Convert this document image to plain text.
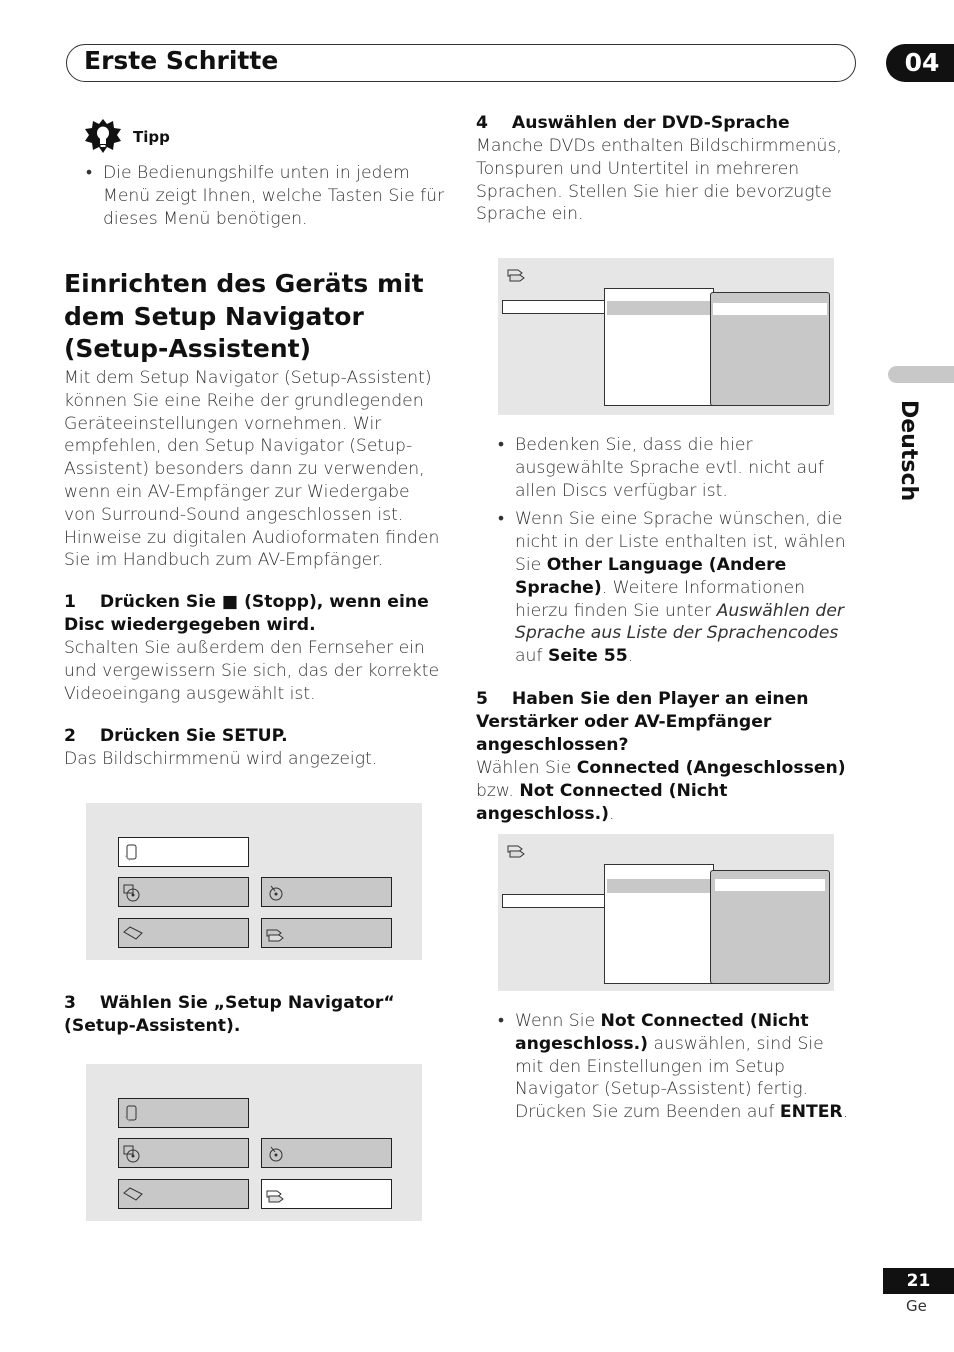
Erste Schritte	04
Deutsch
Tipp
• Die Bedienungshilfe unten in jedem Menü zeigt Ihnen, welche Tasten Sie für dieses Menü benötigen.
Einrichten des Geräts mit dem Setup Navigator (Setup-Assistent)
Mit dem Setup Navigator (Setup-Assistent) können Sie eine Reihe der grundlegenden Geräteeinstellungen vornehmen. Wir empfehlen, den Setup Navigator (Setup-Assistent) besonders dann zu verwenden, wenn ein AV-Empfänger zur Wiedergabe von Surround-Sound angeschlossen ist. Hinweise zu digitalen Audioformaten finden Sie im Handbuch zum AV-Empfänger.
1 Drücken Sie ■ (Stopp), wenn eine Disc wiedergegeben wird.
Schalten Sie außerdem den Fernseher ein und vergewissern Sie sich, das der korrekte Videoeingang ausgewählt ist.
2 Drücken Sie SETUP.
Das Bildschirmmenü wird angezeigt.
3 Wählen Sie „Setup Navigator“ (Setup-Assistent).
4 Auswählen der DVD-Sprache
Manche DVDs enthalten Bildschirmmenüs, Tonspuren und Untertitel in mehreren Sprachen. Stellen Sie hier die bevorzugte Sprache ein.
• Bedenken Sie, dass die hier ausgewählte Sprache evtl. nicht auf allen Discs verfügbar ist.
• Wenn Sie eine Sprache wünschen, die nicht in der Liste enthalten ist, wählen Sie Other Language (Andere Sprache). Weitere Informationen hierzu finden Sie unter Auswählen der Sprache aus Liste der Sprachencodes auf Seite 55.
5 Haben Sie den Player an einen Verstärker oder AV-Empfänger angeschlossen?
Wählen Sie Connected (Angeschlossen) bzw. Not Connected (Nicht angeschloss.).
• Wenn Sie Not Connected (Nicht angeschloss.) auswählen, sind Sie mit den Einstellungen im Setup Navigator (Setup-Assistent) fertig. Drücken Sie zum Beenden auf ENTER.
21
Ge
